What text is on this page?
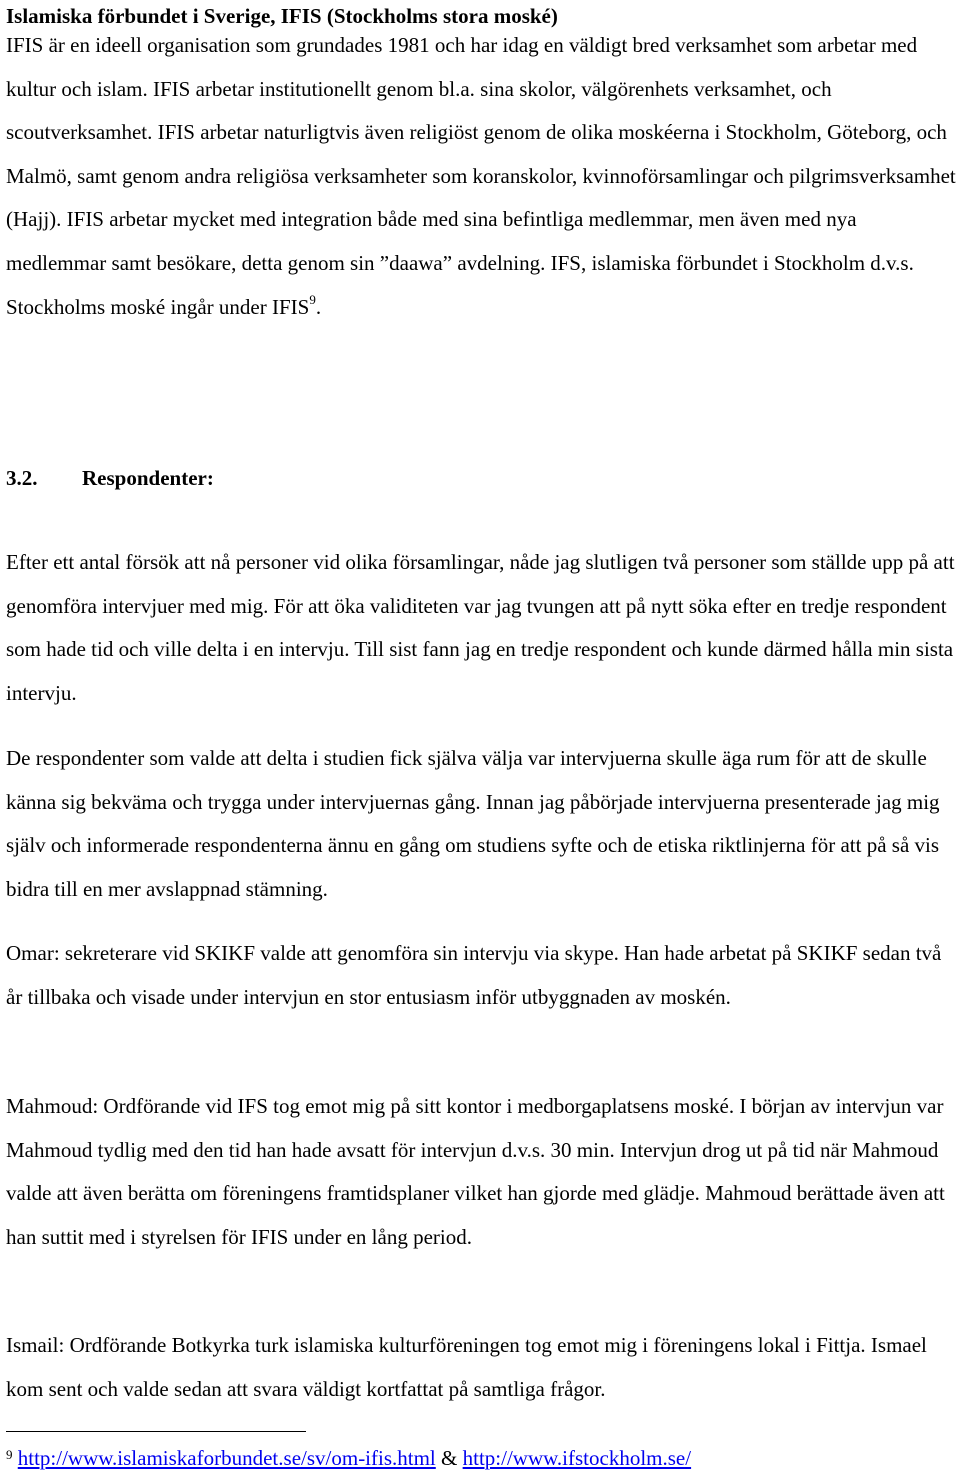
Islamiska förbundet i Sverige, IFIS (Stockholms stora moské)

IFIS är en ideell organisation som grundades 1981 och har idag en väldigt bred verksamhet som arbetar med kultur och islam. IFIS arbetar institutionellt genom bl.a. sina skolor, välgörenhets verksamhet, och scoutverksamhet. IFIS arbetar naturligtvis även religiöst genom de olika moskéerna i Stockholm, Göteborg, och Malmö, samt genom andra religiösa verksamheter som koranskolor, kvinnoförsamlingar och pilgrimsverksamhet (Hajj). IFIS arbetar mycket med integration både med sina befintliga medlemmar, men även med nya medlemmar samt besökare, detta genom sin ”daawa” avdelning. IFS, islamiska förbundet i Stockholm d.v.s. Stockholms moské ingår under IFIS$^9$.

3.2. Respondenter:

Efter ett antal försök att nå personer vid olika församlingar, nåde jag slutligen två personer som ställde upp på att genomföra intervjuer med mig. För att öka validiteten var jag tvungen att på nytt söka efter en tredje respondent som hade tid och ville delta i en intervju. Till sist fann jag en tredje respondent och kunde därmed hålla min sista intervju.

De respondenter som valde att delta i studien fick själva välja var intervjuerna skulle äga rum för att de skulle känna sig bekväma och trygga under intervjuernas gång. Innan jag påbörjade intervjuerna presenterade jag mig själv och informerade respondenterna ännu en gång om studiens syfte och de etiska riktlinjerna för att på så vis bidra till en mer avslappnad stämning.

Omar: sekreterare vid SKIKF valde att genomföra sin intervju via skype. Han hade arbetat på SKIKF sedan två år tillbaka och visade under intervjun en stor entusiasm inför utbyggnaden av moskén.

Mahmoud: Ordförande vid IFS tog emot mig på sitt kontor i medborgaplatsens moské. I början av intervjun var Mahmoud tydlig med den tid han hade avsatt för intervjun d.v.s. 30 min. Intervjun drog ut på tid när Mahmoud valde att även berätta om föreningens framtidsplaner vilket han gjorde med glädje. Mahmoud berättade även att han suttit med i styrelsen för IFIS under en lång period.

Ismail: Ordförande Botkyrka turk islamiska kulturföreningen tog emot mig i föreningens lokal i Fittja. Ismael kom sent och valde sedan att svara väldigt kortfattat på samtliga frågor.

$^9$ http://www.islamiskaforbundet.se/sv/om-ifis.html & http://www.ifstockholm.se/
